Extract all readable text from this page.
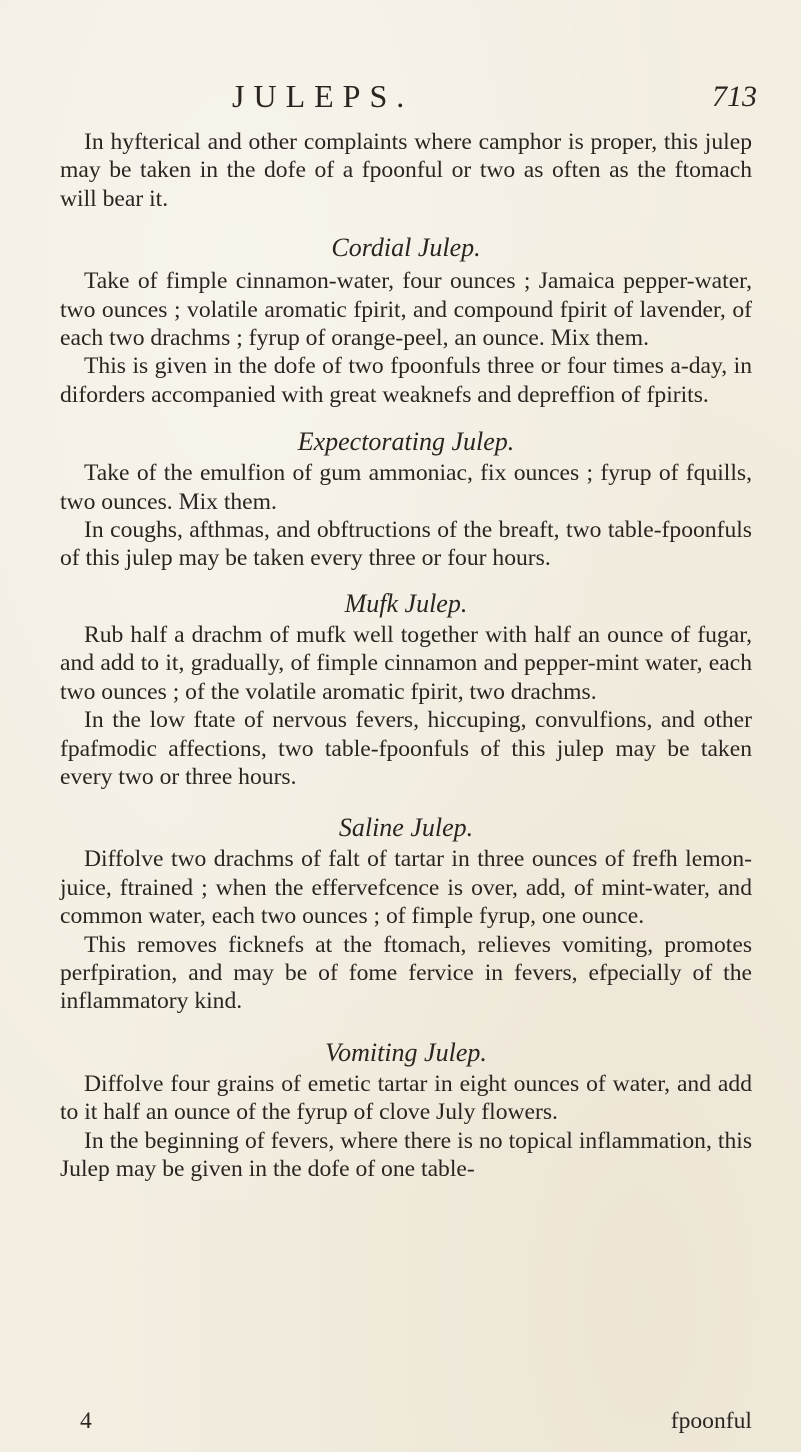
JULEPS.	713

In hyfterical and other complaints where camphor is proper, this julep may be taken in the dofe of a fpoonful or two as often as the ftomach will bear it.

Cordial Julep.

Take of fimple cinnamon-water, four ounces ; Jamaica pepper-water, two ounces ; volatile aromatic fpirit, and compound fpirit of lavender, of each two drachms ; fyrup of orange-peel, an ounce. Mix them.

This is given in the dofe of two fpoonfuls three or four times a-day, in diforders accompanied with great weaknefs and depreffion of fpirits.

Expectorating Julep.

Take of the emulfion of gum ammoniac, fix ounces ; fyrup of fquills, two ounces. Mix them.

In coughs, afthmas, and obftructions of the breaft, two table-fpoonfuls of this julep may be taken every three or four hours.

Mufk Julep.

Rub half a drachm of mufk well together with half an ounce of fugar, and add to it, gradually, of fimple cinnamon and pepper-mint water, each two ounces ; of the volatile aromatic fpirit, two drachms.

In the low ftate of nervous fevers, hiccuping, convulfions, and other fpafmodic affections, two table-fpoonfuls of this julep may be taken every two or three hours.

Saline Julep.

Diffolve two drachms of falt of tartar in three ounces of frefh lemon-juice, ftrained ; when the effervefcence is over, add, of mint-water, and common water, each two ounces ; of fimple fyrup, one ounce.

This removes ficknefs at the ftomach, relieves vomiting, promotes perfpiration, and may be of fome fervice in fevers, efpecially of the inflammatory kind.

Vomiting Julep.

Diffolve four grains of emetic tartar in eight ounces of water, and add to it half an ounce of the fyrup of clove July flowers.

In the beginning of fevers, where there is no topical inflammation, this Julep may be given in the dofe of one table-

4	fpoonful
